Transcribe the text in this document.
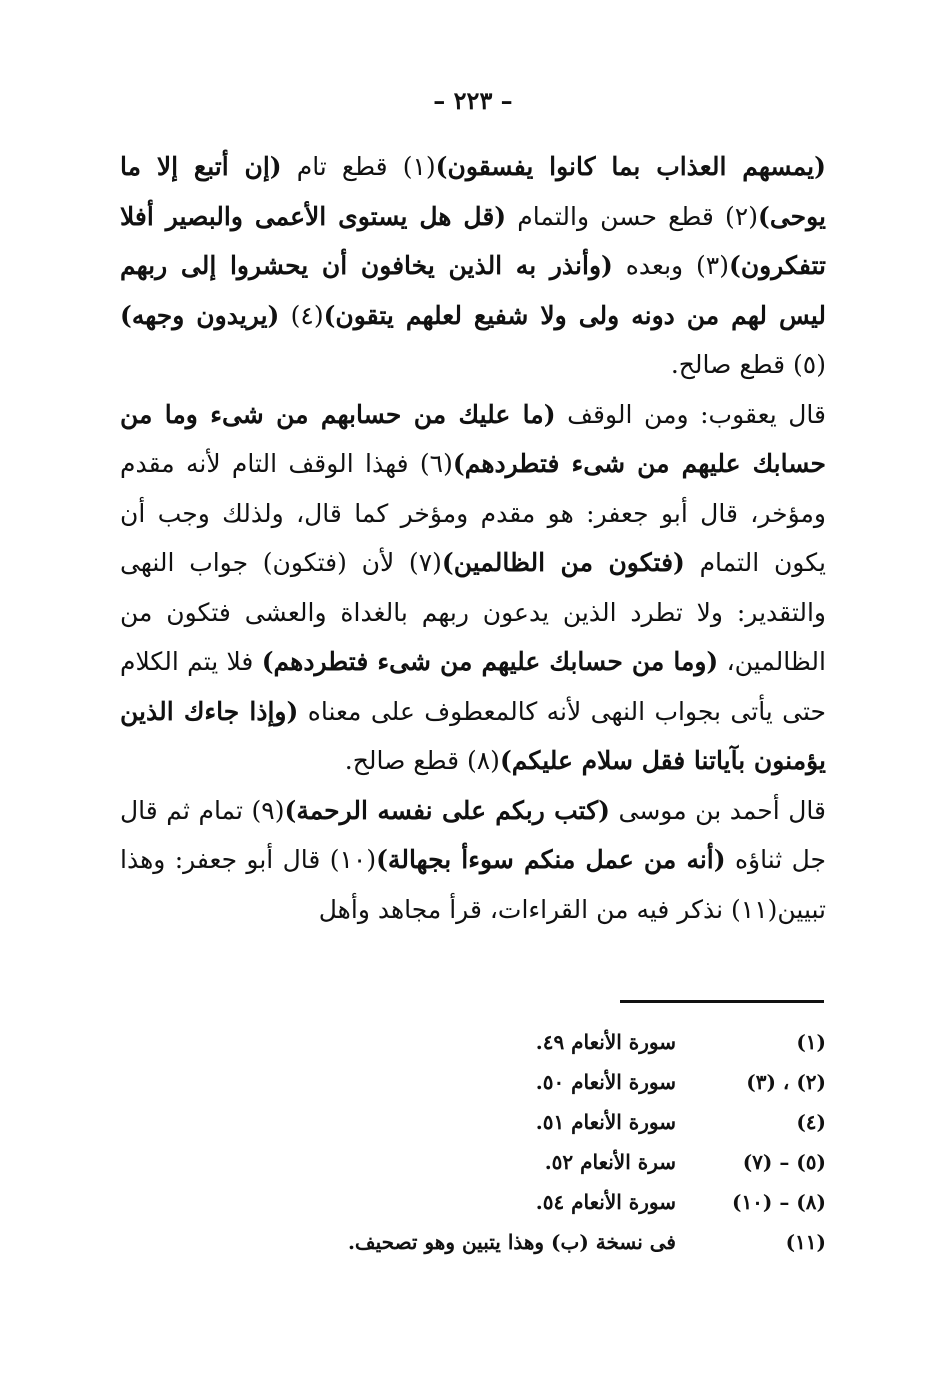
– ٢٢٣ –

(يمسهم العذاب بما كانوا يفسقون)(١) قطع تام (إن أتبع إلا ما يوحى)(٢) قطع حسن والتمام (قل هل يستوى الأعمى والبصير أفلا تتفكرون)(٣) وبعده (وأنذر به الذين يخافون أن يحشروا إلى ربهم ليس لهم من دونه ولى ولا شفيع لعلهم يتقون)(٤) (يريدون وجهه)(٥) قطع صالح.

قال يعقوب: ومن الوقف (ما عليك من حسابهم من شىء وما من حسابك عليهم من شىء فتطردهم)(٦) فهذا الوقف التام لأنه مقدم ومؤخر، قال أبو جعفر: هو مقدم ومؤخر كما قال، ولذلك وجب أن يكون التمام (فتكون من الظالمين)(٧) لأن (فتكون) جواب النهى والتقدير: ولا تطرد الذين يدعون ربهم بالغداة والعشى فتكون من الظالمين، (وما من حسابك عليهم من شىء فتطردهم) فلا يتم الكلام حتى يأتى بجواب النهى لأنه كالمعطوف على معناه (وإذا جاءك الذين يؤمنون بآياتنا فقل سلام عليكم)(٨) قطع صالح.

قال أحمد بن موسى (كتب ربكم على نفسه الرحمة)(٩) تمام ثم قال جل ثناؤه (أنه من عمل منكم سوءأ بجهالة)(١٠) قال أبو جعفر: وهذا تبيين(١١) نذكر فيه من القراءات، قرأ مجاهد وأهل

(١)
سورة الأنعام ٤٩.
(٢) ، (٣)
سورة الأنعام ٥٠.
(٤)
سورة الأنعام ٥١.
(٥) – (٧)
سرة الأنعام ٥٢.
(٨) – (١٠)
سورة الأنعام ٥٤.
(١١)
فى نسخة (ب) وهذا يتبين وهو تصحيف.
